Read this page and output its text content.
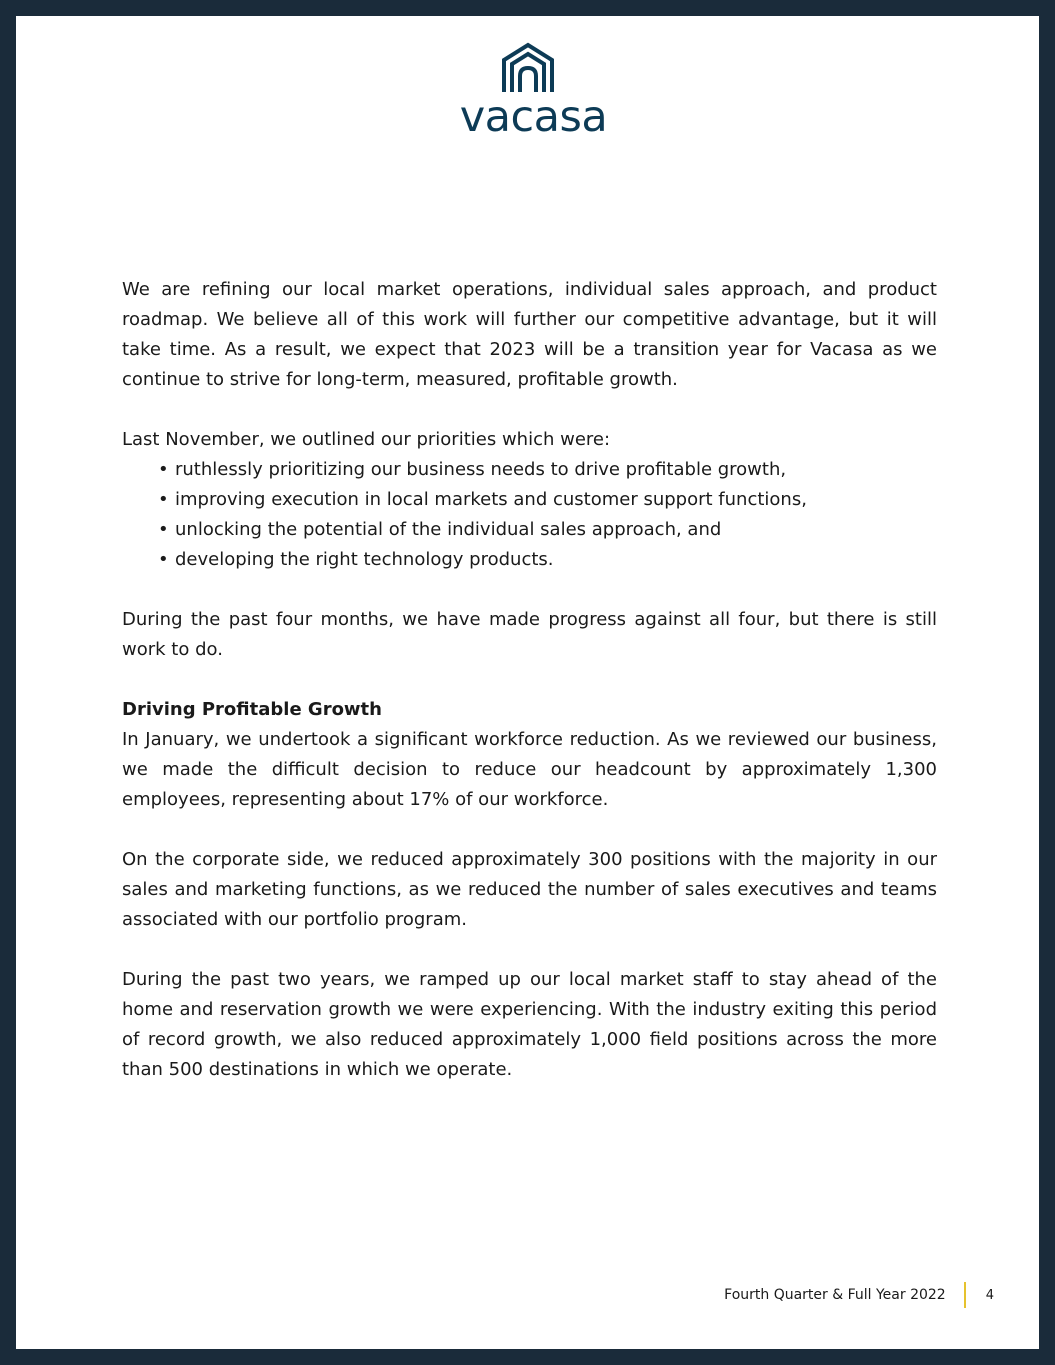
vacasa

We are refining our local market operations, individual sales approach, and product roadmap. We believe all of this work will further our competitive advantage, but it will take time. As a result, we expect that 2023 will be a transition year for Vacasa as we continue to strive for long-term, measured, profitable growth.

Last November, we outlined our priorities which were:

• ruthlessly prioritizing our business needs to drive profitable growth,
• improving execution in local markets and customer support functions,
• unlocking the potential of the individual sales approach, and
• developing the right technology products.

During the past four months, we have made progress against all four, but there is still work to do.

Driving Profitable Growth

In January, we undertook a significant workforce reduction. As we reviewed our business, we made the difficult decision to reduce our headcount by approximately 1,300 employees, representing about 17% of our workforce.

On the corporate side, we reduced approximately 300 positions with the majority in our sales and marketing functions, as we reduced the number of sales executives and teams associated with our portfolio program.

During the past two years, we ramped up our local market staff to stay ahead of the home and reservation growth we were experiencing. With the industry exiting this period of record growth, we also reduced approximately 1,000 field positions across the more than 500 destinations in which we operate.

Fourth Quarter & Full Year 2022	4
